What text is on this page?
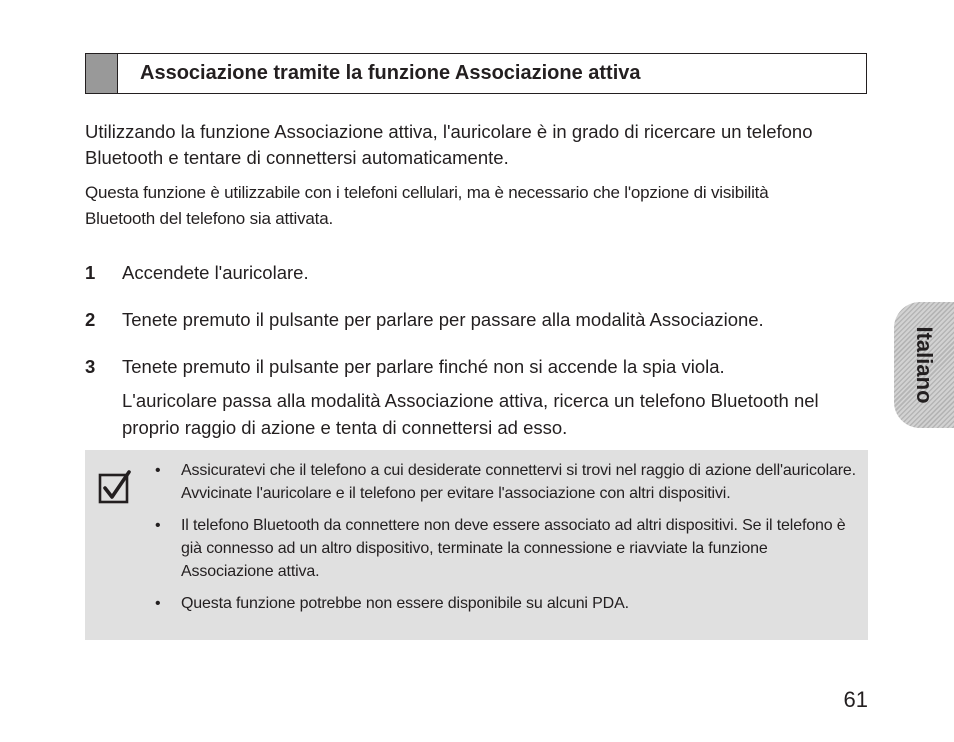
Associazione tramite la funzione Associazione attiva

Utilizzando la funzione Associazione attiva, l'auricolare è in grado di ricercare un telefono Bluetooth e tentare di connettersi automaticamente.

Questa funzione è utilizzabile con i telefoni cellulari, ma è necessario che l'opzione di visibilità Bluetooth del telefono sia attivata.

1 Accendete l'auricolare.
2 Tenete premuto il pulsante per parlare per passare alla modalità Associazione.
3 Tenete premuto il pulsante per parlare finché non si accende la spia viola.
L'auricolare passa alla modalità Associazione attiva, ricerca un telefono Bluetooth nel proprio raggio di azione e tenta di connettersi ad esso.
• Assicuratevi che il telefono a cui desiderate connettervi si trovi nel raggio di azione dell'auricolare. Avvicinate l'auricolare e il telefono per evitare l'associazione con altri dispositivi.
• Il telefono Bluetooth da connettere non deve essere associato ad altri dispositivi. Se il telefono è già connesso ad un altro dispositivo, terminate la connessione e riavviate la funzione Associazione attiva.
• Questa funzione potrebbe non essere disponibile su alcuni PDA.
Italiano
61
